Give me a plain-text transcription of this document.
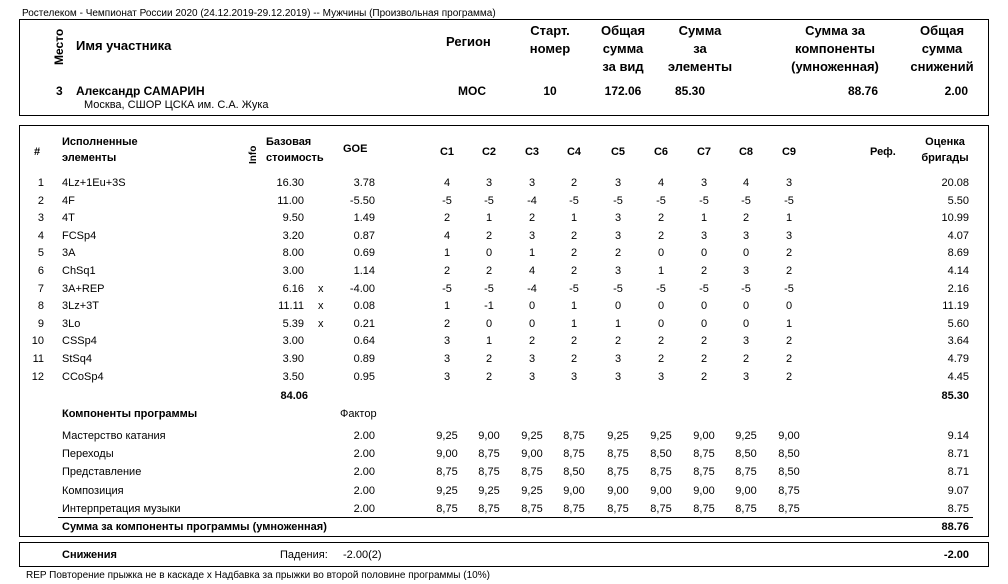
Ростелеком - Чемпионат России 2020 (24.12.2019-29.12.2019) -- Мужчины (Произвольная программа)
Место Имя участника	Регион
Старт.
номер
Общая
сумма
за вид
Сумма
за
элементы
Сумма за
компоненты
(умноженная)
Общая
сумма
снижений
3 Александр САМАРИН
Москва, СШОР ЦСКА им. С.А. Жука
МОС	10	172.06	85.30	88.76	2.00
#
Исполненные
элементы	Info
Базовая
стоимость
GOE	C1	C2	C3	C4	C5	C6	C7	C8	C9	Реф.
Оценка
бригады
1 4Lz+1Eu+3S	16.30	3.78	4	3	3	2	3	4	3	4	3	20.08
2 4F	11.00	-5.50	-5	-5	-4	-5	-5	-5	-5	-5	-5	5.50
3 4T	9.50	1.49	2	1	2	1	3	2	1	2	1	10.99
4 FCSp4	3.20	0.87	4	2	3	2	3	2	3	3	3	4.07
5 3A	8.00	0.69	1	0	1	2	2	0	0	0	2	8.69
6 ChSq1	3.00	1.14	2	2	4	2	3	1	2	3	2	4.14
7 3A+REP	6.16 x	-4.00	-5	-5	-4	-5	-5	-5	-5	-5	-5	2.16
8 3Lz+3T	11.11 x	0.08	1	-1	0	1	0	0	0	0	0	11.19
9 3Lo	5.39 x	0.21	2	0	0	1	1	0	0	0	1	5.60
10 CSSp4	3.00	0.64	3	1	2	2	2	2	2	3	2	3.64
11 StSq4	3.90	0.89	3	2	3	2	3	2	2	2	2	4.79
12 CCoSp4	3.50	0.95	3	2	3	3	3	3	2	3	2	4.45
84.06	85.30
Компоненты программы	Фактор
Мастерство катания	2.00	9,25	9,00	9,25	8,75	9,25	9,25	9,00	9,25	9,00	9.14
Переходы	2.00	9,00	8,75	9,00	8,75	8,75	8,50	8,75	8,50	8,50	8.71
Представление	2.00	8,75	8,75	8,75	8,50	8,75	8,75	8,75	8,75	8,50	8.71
Композиция	2.00	9,25	9,25	9,25	9,00	9,00	9,00	9,00	9,00	8,75	9.07
Интерпретация музыки	2.00	8,75	8,75	8,75	8,75	8,75	8,75	8,75	8,75	8,75	8.75
Сумма за компоненты программы (умноженная)	88.76
Снижения	Падения: -2.00(2)	-2.00
REP Повторение прыжка не в каскаде x Надбавка за прыжки во второй половине программы (10%)
